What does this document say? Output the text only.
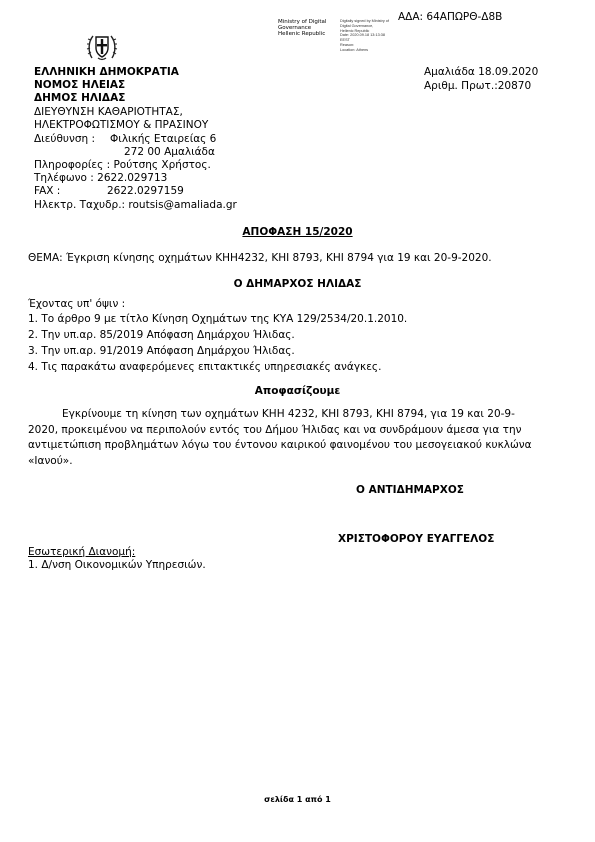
ΑΔΑ: 64ΑΠΩΡΘ-Δ8Β
Ministry of Digital
Governance
Hellenic Republic
Digitally signed by Ministry of
Digital Governance,
Hellenic Republic
Date: 2020.09.18 13:13:38
EEST
Reason:
Location: Athens
ΕΛΛΗΝΙΚΗ ΔΗΜΟΚΡΑΤΙΑ
ΝΟΜΟΣ ΗΛΕΙΑΣ
ΔΗΜΟΣ ΗΛΙΔΑΣ
ΔΙΕΥΘΥΝΣΗ ΚΑΘΑΡΙΟΤΗΤΑΣ,
ΗΛΕΚΤΡΟΦΩΤΙΣΜΟΥ & ΠΡΑΣΙΝΟΥ
Διεύθυνση : Φιλικής Εταιρείας 6
272 00 Αμαλιάδα
Πληροφορίες : Ρούτσης Χρήστος.
Τηλέφωνο : 2622.029713
FAX :	2622.0297159
Ηλεκτρ. Ταχυδρ.: routsis@amaliada.gr
Αμαλιάδα 18.09.2020
Αριθμ. Πρωτ.:20870
ΑΠΟΦΑΣΗ 15/2020
ΘΕΜΑ: Έγκριση κίνησης οχημάτων ΚΗΗ4232, ΚΗΙ 8793, ΚΗΙ 8794 για 19 και 20-9-2020.
Ο ΔΗΜΑΡΧΟΣ ΗΛΙΔΑΣ
Έχοντας υπ' όψιν :
1. Το άρθρο 9 με τίτλο Κίνηση Οχημάτων της ΚΥΑ 129/2534/20.1.2010.
2. Την υπ.αρ. 85/2019 Απόφαση Δημάρχου Ήλιδας.
3. Την υπ.αρ. 91/2019 Απόφαση Δημάρχου Ήλιδας.
4. Τις παρακάτω αναφερόμενες επιτακτικές υπηρεσιακές ανάγκες.
Αποφασίζουμε
Εγκρίνουμε τη κίνηση των οχημάτων ΚΗΗ 4232, ΚΗΙ 8793, ΚΗΙ 8794, για 19 και 20-9-
2020, προκειμένου να περιπολούν εντός του Δήμου Ήλιδας και να συνδράμουν άμεσα για την
αντιμετώπιση προβλημάτων λόγω του έντονου καιρικού φαινομένου του μεσογειακού κυκλώνα
«Ιανού».
Ο ΑΝΤΙΔΗΜΑΡΧΟΣ
ΧΡΙΣΤΟΦΟΡΟΥ ΕΥΑΓΓΕΛΟΣ
Εσωτερική Διανομή:
1. Δ/νση Οικονομικών Υπηρεσιών.
σελίδα 1 από 1
